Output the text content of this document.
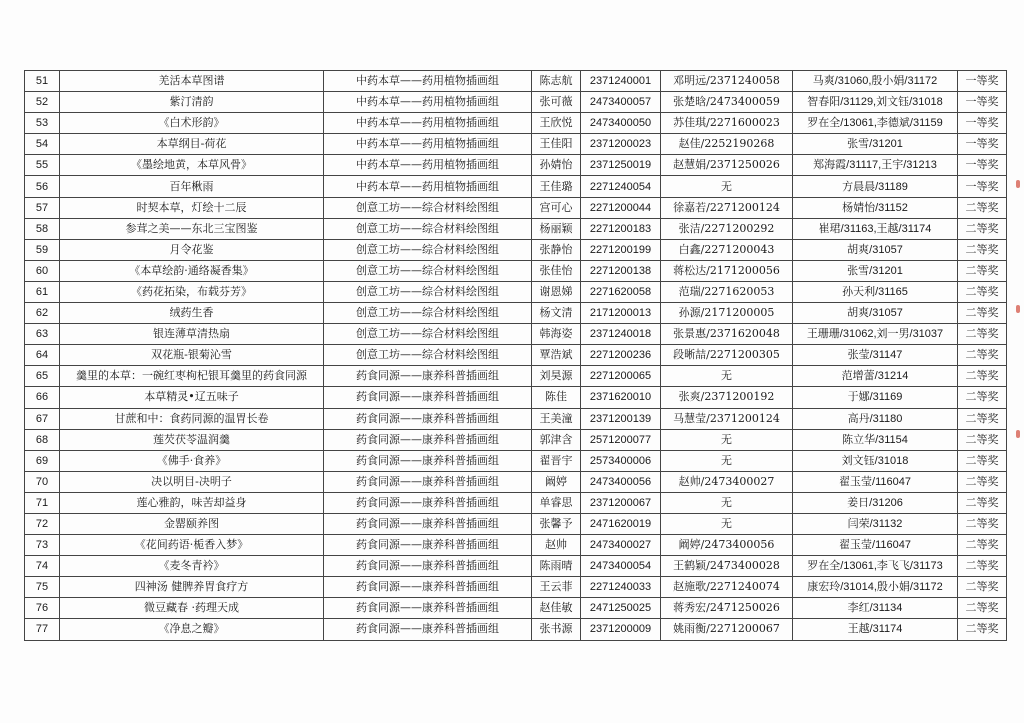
51	羌活本草图谱	中药本草——药用植物插画组	陈志航	2371240001	邓明远/2371240058	马爽/31060,殷小娟/31172	一等奖
52	紫汀清韵	中药本草——药用植物插画组	张可薇	2473400057	张楚晗/2473400059	智春阳/31129,刘文钰/31018	一等奖
53	《白术形韵》	中药本草——药用植物插画组	王欣悦	2473400050	苏佳琪/2271600023	罗在全/13061,李德斌/31159	一等奖
54	本草纲目-荷花	中药本草——药用植物插画组	王佳阳	2371200023	赵佳/2252190268	张雪/31201	一等奖
55	《墨绘地黄，本草风骨》	中药本草——药用植物插画组	孙婧怡	2371250019	赵慧娟/2371250026	郑海霞/31117,王宇/31213	一等奖
56	百年楸雨	中药本草——药用植物插画组	王佳璐	2271240054	无	方晨晨/31189	一等奖
57	时契本草，灯绘十二辰	创意工坊——综合材料绘图组	宫可心	2271200044	徐嘉若/2271200124	杨婧怡/31152	二等奖
58	参茸之美——东北三宝图鉴	创意工坊——综合材料绘图组	杨丽颖	2271200183	张洁/2271200292	崔珺/31163,王越/31174	二等奖
59	月令花鉴	创意工坊——综合材料绘图组	张静怡	2271200199	白鑫/2271200043	胡爽/31057	二等奖
60	《本草绘韵·通络凝香集》	创意工坊——综合材料绘图组	张佳怡	2271200138	蒋松达/2171200056	张雪/31201	二等奖
61	《药花拓染，布载芬芳》	创意工坊——综合材料绘图组	谢恩娣	2271620058	范瑞/2271620053	孙天利/31165	二等奖
62	绒药生香	创意工坊——综合材料绘图组	杨文清	2171200013	孙源/2171200005	胡爽/31057	二等奖
63	银连薄草清热扇	创意工坊——综合材料绘图组	韩海姿	2371240018	张景惠/2371620048	王珊珊/31062,刘一男/31037	二等奖
64	双花瓶-银菊沁雪	创意工坊——综合材料绘图组	覃浩斌	2271200236	段晰喆/2271200305	张莹/31147	二等奖
65	羹里的本草：一碗红枣枸杞银耳羹里的药食同源	药食同源——康养科普插画组	刘昊源	2271200065	无	范增蕾/31214	二等奖
66	本草精灵•辽五味子	药食同源——康养科普插画组	陈佳	2371620010	张爽/2371200192	于娜/31169	二等奖
67	甘蔗和中：食药同源的温胃长卷	药食同源——康养科普插画组	王美潼	2371200139	马慧莹/2371200124	高丹/31180	二等奖
68	莲芡茯苓温润羹	药食同源——康养科普插画组	郭津含	2571200077	无	陈立华/31154	二等奖
69	《佛手·食养》	药食同源——康养科普插画组	翟晋宇	2573400006	无	刘文钰/31018	二等奖
70	决以明目-决明子	药食同源——康养科普插画组	阚婷	2473400056	赵帅/2473400027	翟玉莹/116047	二等奖
71	莲心雅韵，味苦却益身	药食同源——康养科普插画组	单睿思	2371200067	无	姜日/31206	二等奖
72	金罂颐养图	药食同源——康养科普插画组	张馨予	2471620019	无	闫荣/31132	二等奖
73	《花间药语·栀香入梦》	药食同源——康养科普插画组	赵帅	2473400027	阚婷/2473400056	翟玉莹/116047	二等奖
74	《麦冬青衿》	药食同源——康养科普插画组	陈雨晴	2473400054	王鹤颖/2473400028	罗在全/13061,李飞飞/31173	二等奖
75	四神汤 健脾养胃食疗方	药食同源——康养科普插画组	王云菲	2271240033	赵施歌/2271240074	康宏玲/31014,殷小娟/31172	二等奖
76	微豆藏春 ·药理天成	药食同源——康养科普插画组	赵佳敏	2471250025	蒋秀宏/2471250026	李红/31134	二等奖
77	《净息之瓣》	药食同源——康养科普插画组	张书源	2371200009	姚雨衡/2271200067	王越/31174	二等奖
